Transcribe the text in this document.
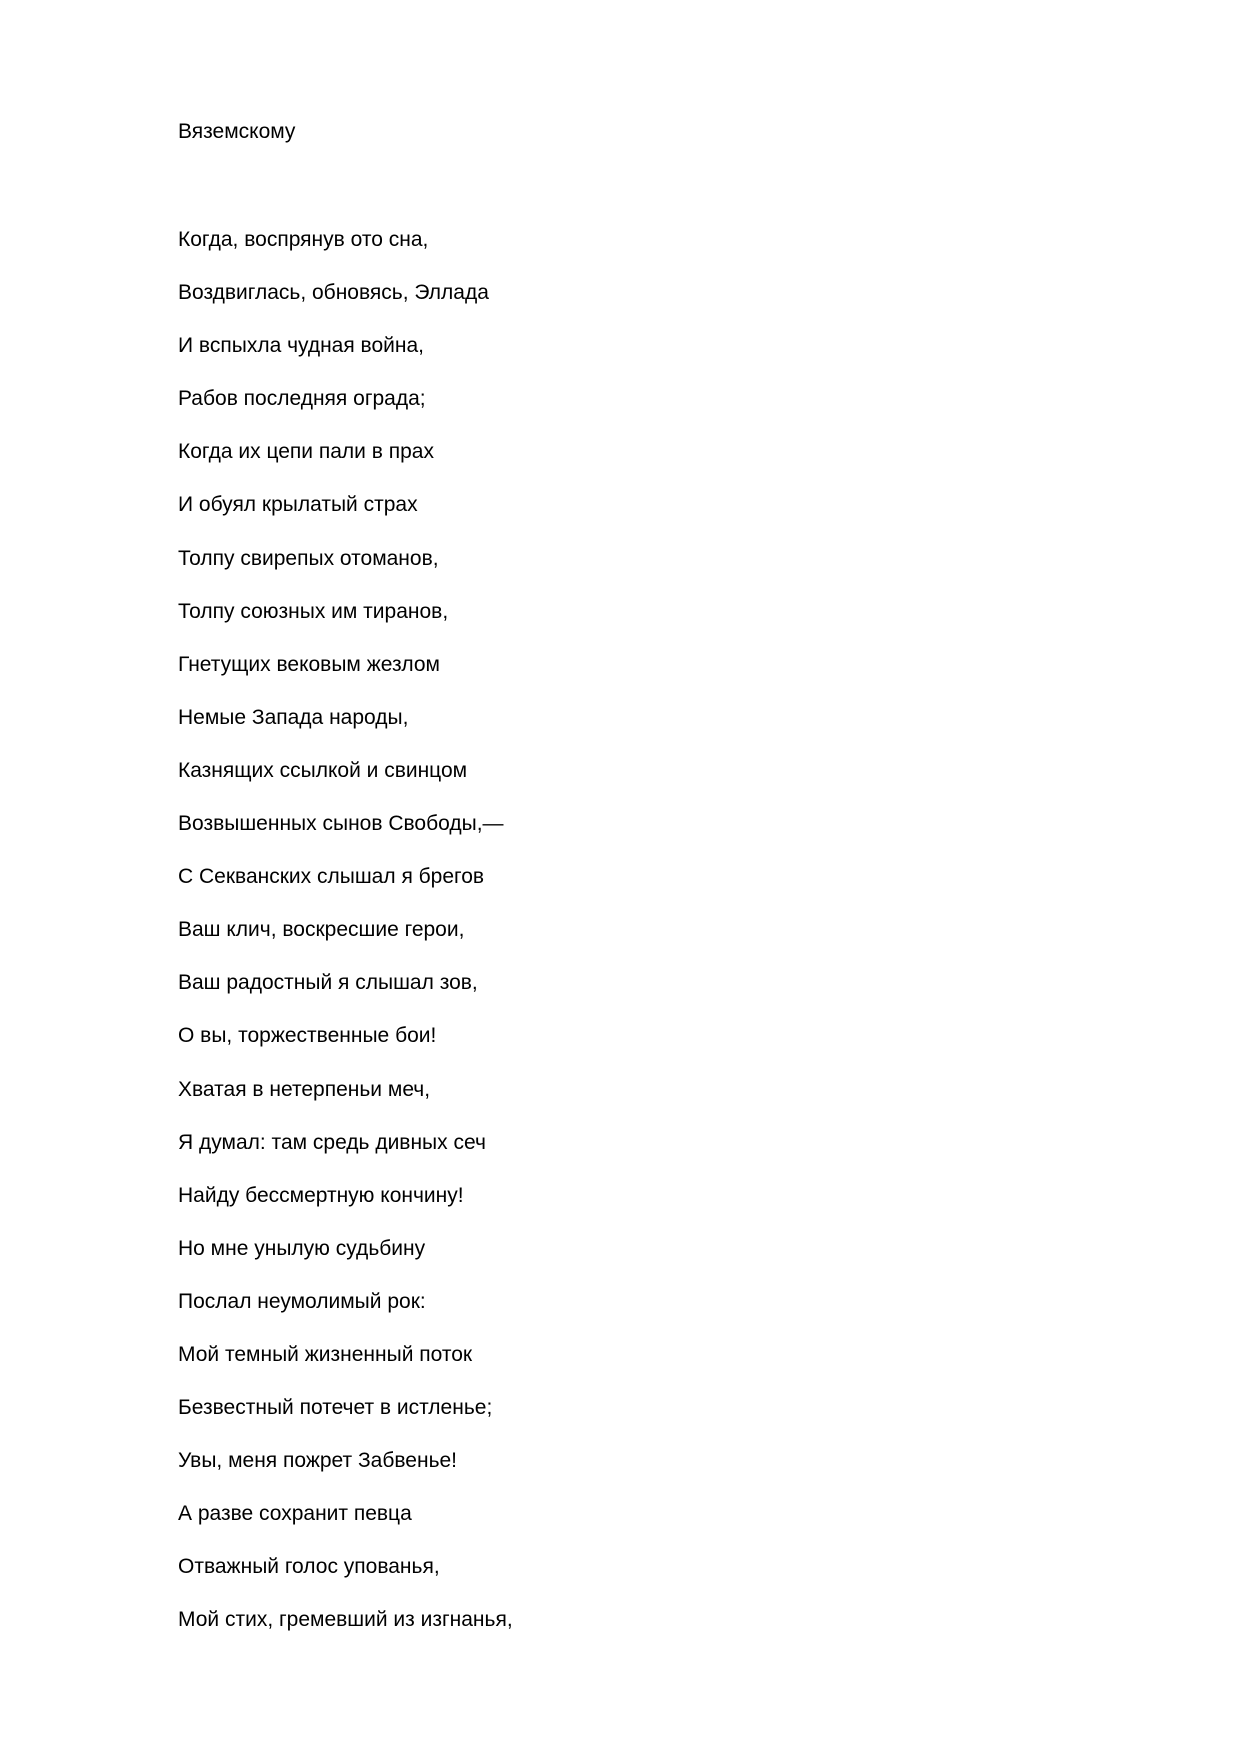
Вяземскому
Когда, воспрянув ото сна,
Воздвиглась, обновясь, Эллада
И вспыхла чудная война,
Рабов последняя ограда;
Когда их цепи пали в прах
И обуял крылатый страх
Толпу свирепых отоманов,
Толпу союзных им тиранов,
Гнетущих вековым жезлом
Немые Запада народы,
Казнящих ссылкой и свинцом
Возвышенных сынов Свободы,—
С Секванских слышал я брегов
Ваш клич, воскресшие герои,
Ваш радостный я слышал зов,
О вы, торжественные бои!
Хватая в нетерпеньи меч,
Я думал: там средь дивных сеч
Найду бессмертную кончину!
Но мне унылую судьбину
Послал неумолимый рок:
Мой темный жизненный поток
Безвестный потечет в истленье;
Увы, меня пожрет Забвенье!
А разве сохранит певца
Отважный голос упованья,
Мой стих, гремевший из изгнанья,
